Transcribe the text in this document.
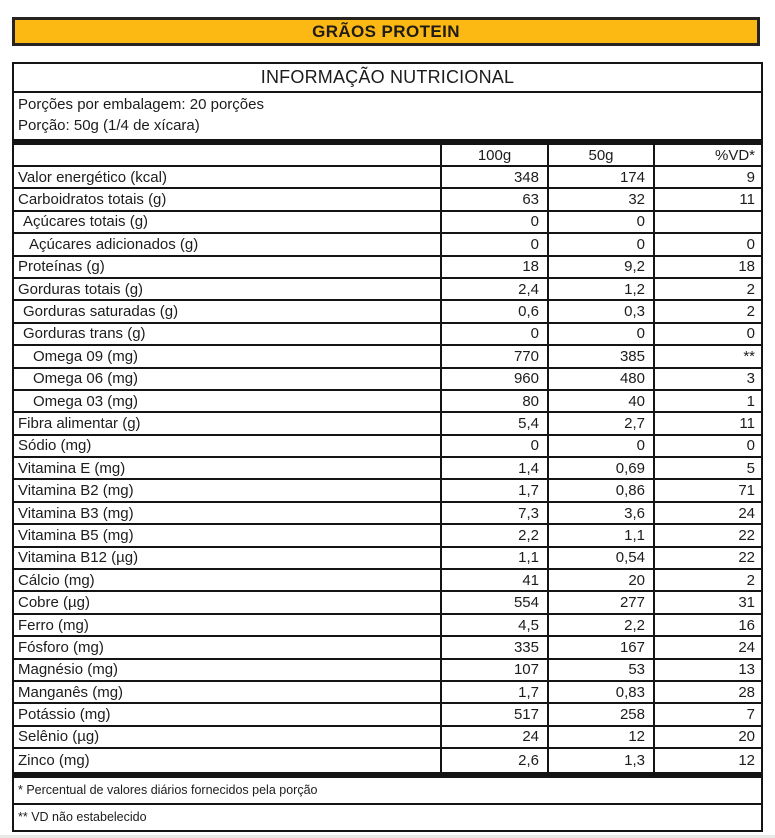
GRÃOS PROTEIN
INFORMAÇÃO NUTRICIONAL
Porções por embalagem: 20 porções
Porção: 50g (1/4 de xícara)
100g	50g	%VD*
Valor energético (kcal)	348	174	9
Carboidratos totais (g)	63	32	11
Açúcares totais (g)	0	0
Açúcares adicionados (g)	0	0	0
Proteínas (g)	18	9,2	18
Gorduras totais (g)	2,4	1,2	2
Gorduras saturadas (g)	0,6	0,3	2
Gorduras trans (g)	0	0	0
Omega 09 (mg)	770	385	**
Omega 06 (mg)	960	480	3
Omega 03 (mg)	80	40	1
Fibra alimentar (g)	5,4	2,7	11
Sódio (mg)	0	0	0
Vitamina E (mg)	1,4	0,69	5
Vitamina B2 (mg)	1,7	0,86	71
Vitamina B3 (mg)	7,3	3,6	24
Vitamina B5 (mg)	2,2	1,1	22
Vitamina B12 (µg)	1,1	0,54	22
Cálcio (mg)	41	20	2
Cobre (µg)	554	277	31
Ferro (mg)	4,5	2,2	16
Fósforo (mg)	335	167	24
Magnésio (mg)	107	53	13
Manganês (mg)	1,7	0,83	28
Potássio (mg)	517	258	7
Selênio (µg)	24	12	20
Zinco (mg)	2,6	1,3	12
* Percentual de valores diários fornecidos pela porção
** VD não estabelecido
